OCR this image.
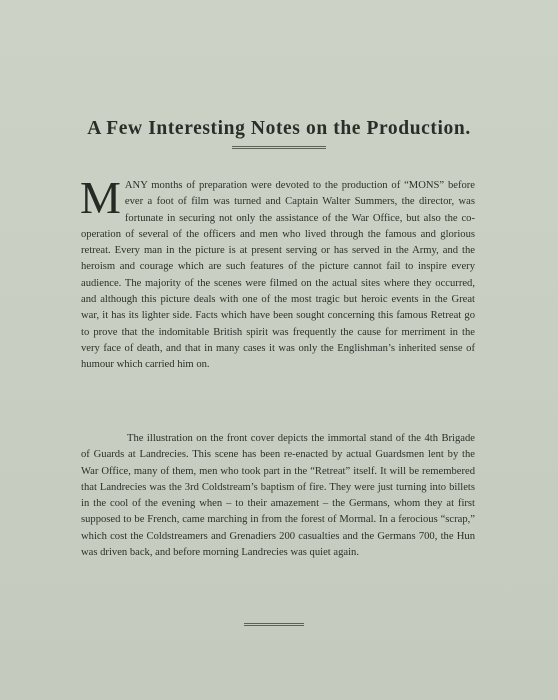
A Few Interesting Notes on the Production.

MANY months of preparation were devoted to the production of “MONS” before ever a foot of film was turned and Captain Walter Summers, the director, was fortunate in securing not only the assistance of the War Office, but also the co-operation of several of the officers and men who lived through the famous and glorious retreat. Every man in the picture is at present serving or has served in the Army, and the heroism and courage which are such features of the picture cannot fail to inspire every audience. The majority of the scenes were filmed on the actual sites where they occurred, and although this picture deals with one of the most tragic but heroic events in the Great war, it has its lighter side. Facts which have been sought concerning this famous Retreat go to prove that the indomitable British spirit was frequently the cause for merriment in the very face of death, and that in many cases it was only the Englishman’s inherited sense of humour which carried him on.

The illustration on the front cover depicts the immortal stand of the 4th Brigade of Guards at Landrecies. This scene has been re-enacted by actual Guardsmen lent by the War Office, many of them, men who took part in the “Retreat” itself. It will be remembered that Landrecies was the 3rd Coldstream’s baptism of fire. They were just turning into billets in the cool of the evening when – to their amazement – the Germans, whom they at first supposed to be French, came marching in from the forest of Mormal. In a ferocious “scrap,” which cost the Coldstreamers and Grenadiers 200 casualties and the Germans 700, the Hun was driven back, and before morning Landrecies was quiet again.
